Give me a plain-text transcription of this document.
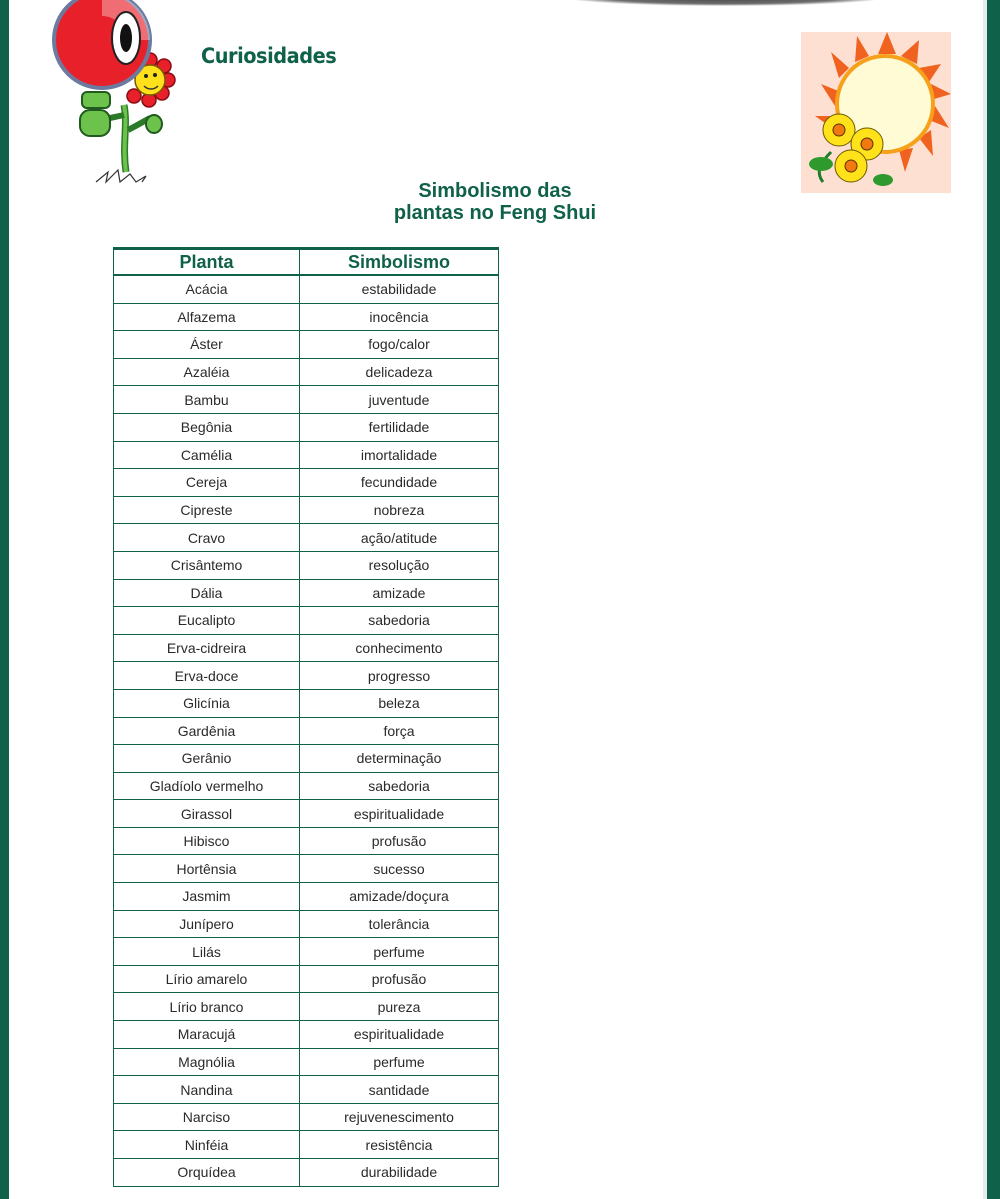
Curiosidades
Simbolismo das
plantas no Feng Shui
Planta	Simbolismo
Acácia	estabilidade
Alfazema	inocência
Áster	fogo/calor
Azaléia	delicadeza
Bambu	juventude
Begônia	fertilidade
Camélia	imortalidade
Cereja	fecundidade
Cipreste	nobreza
Cravo	ação/atitude
Crisântemo	resolução
Dália	amizade
Eucalipto	sabedoria
Erva-cidreira	conhecimento
Erva-doce	progresso
Glicínia	beleza
Gardênia	força
Gerânio	determinação
Gladíolo vermelho	sabedoria
Girassol	espiritualidade
Hibisco	profusão
Hortênsia	sucesso
Jasmim	amizade/doçura
Junípero	tolerância
Lilás	perfume
Lírio amarelo	profusão
Lírio branco	pureza
Maracujá	espiritualidade
Magnólia	perfume
Nandina	santidade
Narciso	rejuvenescimento
Ninféia	resistência
Orquídea	durabilidade
